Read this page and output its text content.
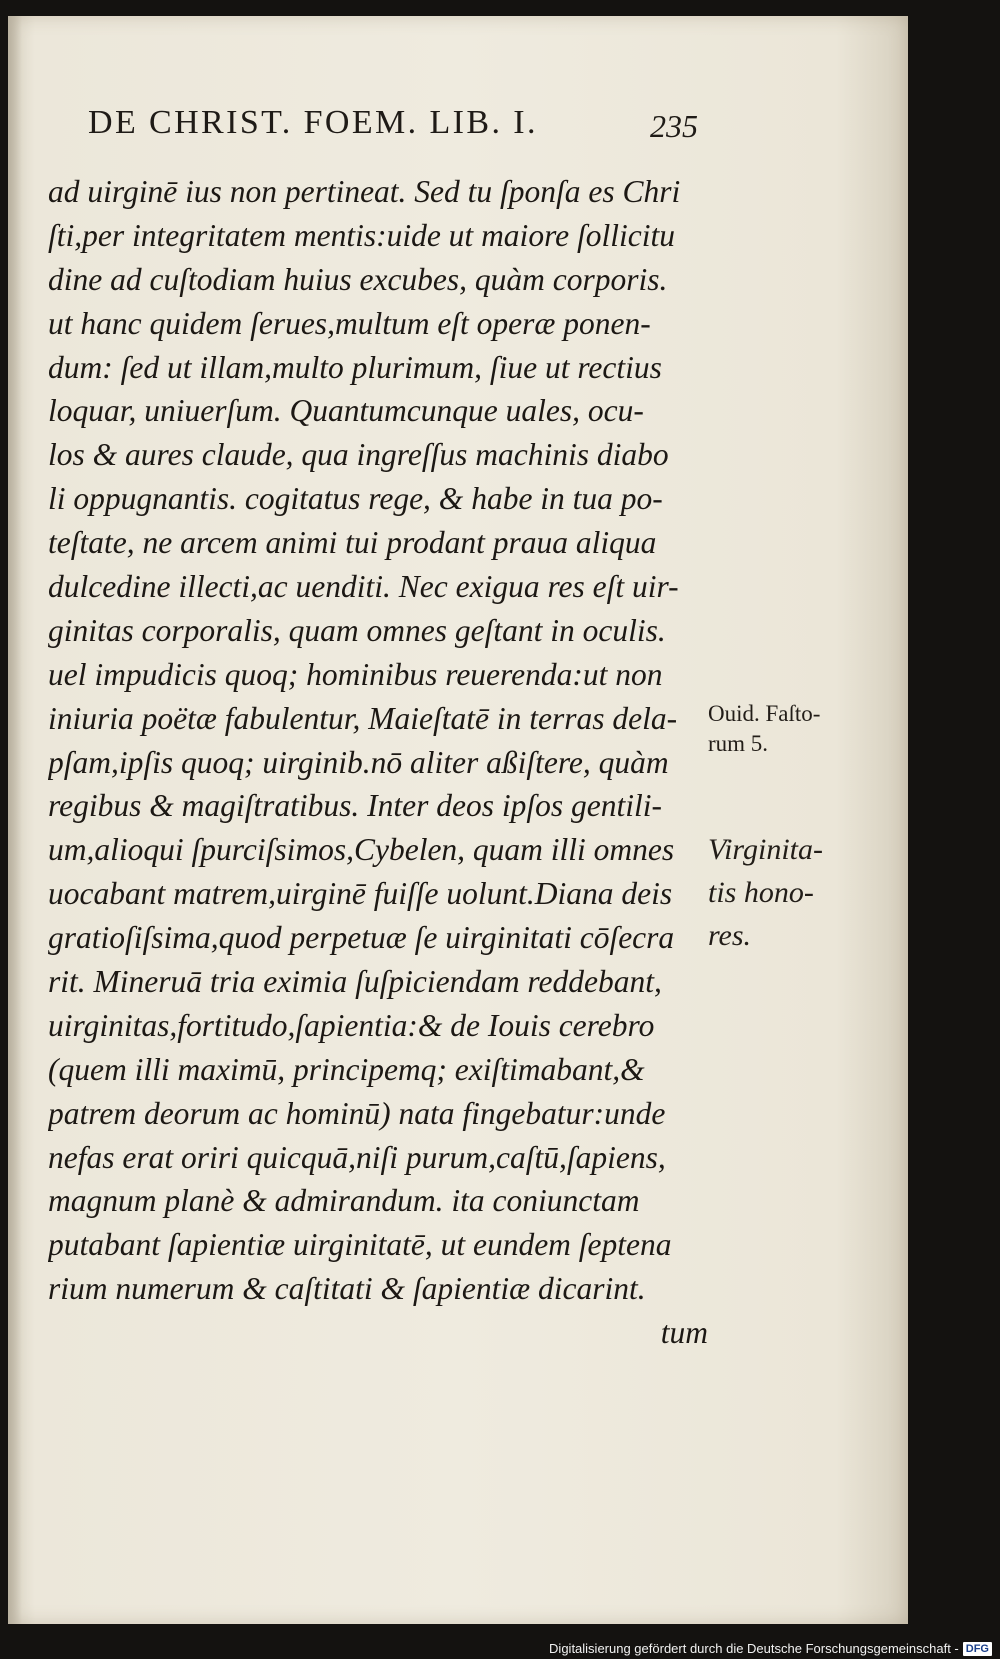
DE CHRIST. FOEM. LIB. I.	235
ad uirginē ius non pertineat. Sed tu ſponſa es Chri
ſti,per integritatem mentis:uide ut maiore ſollicitu
dine ad cuſtodiam huius excubes, quàm corporis.
ut hanc quidem ſerues,multum eſt operæ ponen-
dum: ſed ut illam,multo plurimum, ſiue ut rectius
loquar, uniuerſum. Quantumcunque uales, ocu-
los & aures claude, qua ingreſſus machinis diabo
li oppugnantis. cogitatus rege, & habe in tua po-
teſtate, ne arcem animi tui prodant praua aliqua
dulcedine illecti,ac uenditi. Nec exigua res eſt uir-
ginitas corporalis, quam omnes geſtant in oculis.
uel impudicis quoq; hominibus reuerenda:ut non
iniuria poëtæ fabulentur, Maieſtatē in terras dela-
pſam,ipſis quoq; uirginib.nō aliter aßiſtere, quàm
regibus & magiſtratibus. Inter deos ipſos gentili-
um,alioqui ſpurciſsimos,Cybelen, quam illi omnes
uocabant matrem,uirginē fuiſſe uolunt.Diana deis
gratioſiſsima,quod perpetuæ ſe uirginitati cōſecra
rit. Mineruā tria eximia ſuſpiciendam reddebant,
uirginitas,fortitudo,ſapientia:& de Iouis cerebro
(quem illi maximū, principemq; exiſtimabant,&
patrem deorum ac hominū) nata fingebatur:unde
nefas erat oriri quicquā,niſi purum,caſtū,ſapiens,
magnum planè & admirandum. ita coniunctam
putabant ſapientiæ uirginitatē, ut eundem ſeptena
rium numerum & caſtitati & ſapientiæ dicarint.
tum
Ouid. Faſto-
rum 5.
Virginita-
tis hono-
res.
Digitalisierung gefördert durch die Deutsche Forschungsgemeinschaft - DFG
